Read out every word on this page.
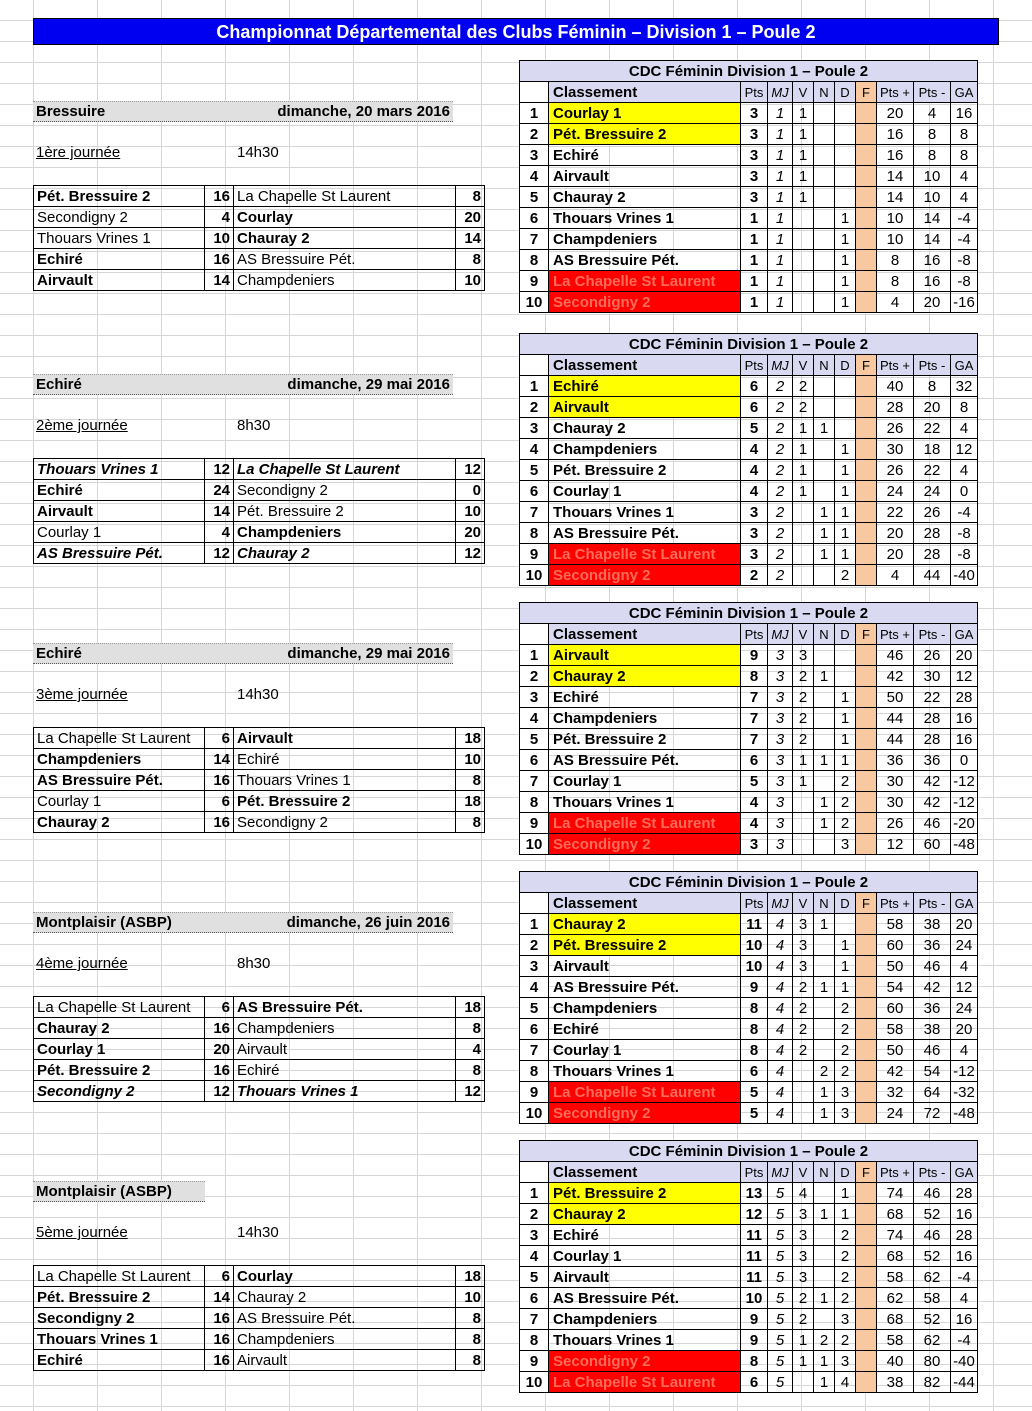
Championnat Départemental des Clubs Féminin – Division 1 – Poule 2
Bressuire	dimanche, 20 mars 2016
1ère journée	14h30
Pét. Bressuire 2	16	La Chapelle St Laurent	8
Secondigny 2	4	Courlay	20
Thouars Vrines 1	10	Chauray 2	14
Echiré	16	AS Bressuire Pét.	8
Airvault	14	Champdeniers	10
CDC Féminin Division 1 – Poule 2										
	Classement	Pts	MJ	V	N	D	F	Pts +	Pts -	GA
1	Courlay 1	3	1	1				20	4	16
2	Pét. Bressuire 2	3	1	1				16	8	8
3	Echiré	3	1	1				16	8	8
4	Airvault	3	1	1				14	10	4
5	Chauray 2	3	1	1				14	10	4
6	Thouars Vrines 1	1	1			1		10	14	-4
7	Champdeniers	1	1			1		10	14	-4
8	AS Bressuire Pét.	1	1			1		8	16	-8
9	La Chapelle St Laurent	1	1			1		8	16	-8
10	Secondigny 2	1	1			1		4	20	-16
Echiré	dimanche, 29 mai 2016
2ème journée	8h30
Thouars Vrines 1	12	La Chapelle St Laurent	12
Echiré	24	Secondigny 2	0
Airvault	14	Pét. Bressuire 2	10
Courlay 1	4	Champdeniers	20
AS Bressuire Pét.	12	Chauray 2	12
CDC Féminin Division 1 – Poule 2										
	Classement	Pts	MJ	V	N	D	F	Pts +	Pts -	GA
1	Echiré	6	2	2				40	8	32
2	Airvault	6	2	2				28	20	8
3	Chauray 2	5	2	1	1			26	22	4
4	Champdeniers	4	2	1		1		30	18	12
5	Pét. Bressuire 2	4	2	1		1		26	22	4
6	Courlay 1	4	2	1		1		24	24	0
7	Thouars Vrines 1	3	2		1	1		22	26	-4
8	AS Bressuire Pét.	3	2		1	1		20	28	-8
9	La Chapelle St Laurent	3	2		1	1		20	28	-8
10	Secondigny 2	2	2			2		4	44	-40
Echiré	dimanche, 29 mai 2016
3ème journée	14h30
La Chapelle St Laurent	6	Airvault	18
Champdeniers	14	Echiré	10
AS Bressuire Pét.	16	Thouars Vrines 1	8
Courlay 1	6	Pét. Bressuire 2	18
Chauray 2	16	Secondigny 2	8
CDC Féminin Division 1 – Poule 2										
	Classement	Pts	MJ	V	N	D	F	Pts +	Pts -	GA
1	Airvault	9	3	3				46	26	20
2	Chauray 2	8	3	2	1			42	30	12
3	Echiré	7	3	2		1		50	22	28
4	Champdeniers	7	3	2		1		44	28	16
5	Pét. Bressuire 2	7	3	2		1		44	28	16
6	AS Bressuire Pét.	6	3	1	1	1		36	36	0
7	Courlay 1	5	3	1		2		30	42	-12
8	Thouars Vrines 1	4	3		1	2		30	42	-12
9	La Chapelle St Laurent	4	3		1	2		26	46	-20
10	Secondigny 2	3	3			3		12	60	-48
Montplaisir (ASBP)	dimanche, 26 juin 2016
4ème journée	8h30
La Chapelle St Laurent	6	AS Bressuire Pét.	18
Chauray 2	16	Champdeniers	8
Courlay 1	20	Airvault	4
Pét. Bressuire 2	16	Echiré	8
Secondigny 2	12	Thouars Vrines 1	12
CDC Féminin Division 1 – Poule 2										
	Classement	Pts	MJ	V	N	D	F	Pts +	Pts -	GA
1	Chauray 2	11	4	3	1			58	38	20
2	Pét. Bressuire 2	10	4	3		1		60	36	24
3	Airvault	10	4	3		1		50	46	4
4	AS Bressuire Pét.	9	4	2	1	1		54	42	12
5	Champdeniers	8	4	2		2		60	36	24
6	Echiré	8	4	2		2		58	38	20
7	Courlay 1	8	4	2		2		50	46	4
8	Thouars Vrines 1	6	4		2	2		42	54	-12
9	La Chapelle St Laurent	5	4		1	3		32	64	-32
10	Secondigny 2	5	4		1	3		24	72	-48
Montplaisir (ASBP)
5ème journée	14h30
La Chapelle St Laurent	6	Courlay	18
Pét. Bressuire 2	14	Chauray 2	10
Secondigny 2	16	AS Bressuire Pét.	8
Thouars Vrines 1	16	Champdeniers	8
Echiré	16	Airvault	8
CDC Féminin Division 1 – Poule 2										
	Classement	Pts	MJ	V	N	D	F	Pts +	Pts -	GA
1	Pét. Bressuire 2	13	5	4		1		74	46	28
2	Chauray 2	12	5	3	1	1		68	52	16
3	Echiré	11	5	3		2		74	46	28
4	Courlay 1	11	5	3		2		68	52	16
5	Airvault	11	5	3		2		58	62	-4
6	AS Bressuire Pét.	10	5	2	1	2		62	58	4
7	Champdeniers	9	5	2		3		68	52	16
8	Thouars Vrines 1	9	5	1	2	2		58	62	-4
9	Secondigny 2	8	5	1	1	3		40	80	-40
10	La Chapelle St Laurent	6	5		1	4		38	82	-44
